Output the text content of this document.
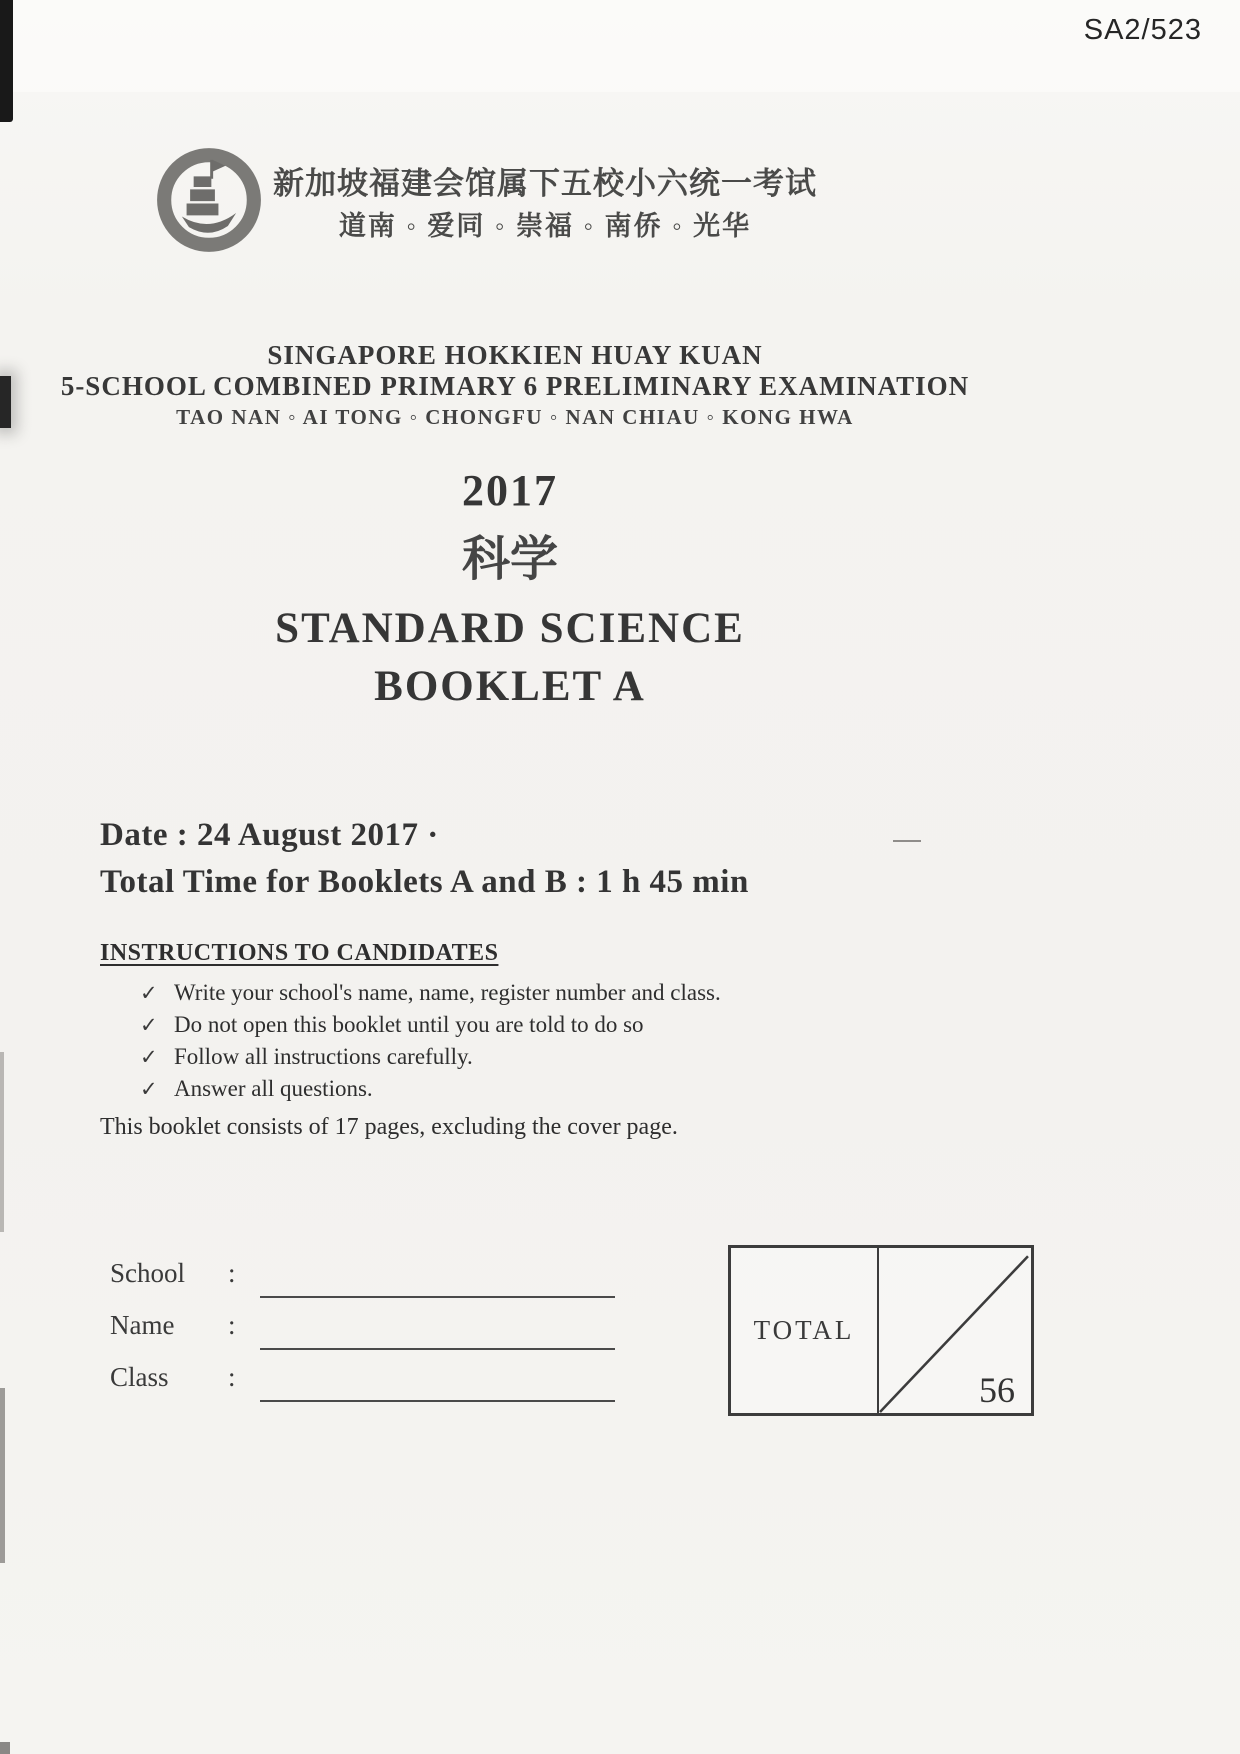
SA2/523
新加坡福建会馆属下五校小六统一考试
道南 ◦ 爱同 ◦ 崇福 ◦ 南侨 ◦ 光华
SINGAPORE HOKKIEN HUAY KUAN
5-SCHOOL COMBINED PRIMARY 6 PRELIMINARY EXAMINATION
TAO NAN ◦ AI TONG ◦ CHONGFU ◦ NAN CHIAU ◦ KONG HWA
2017
科学
STANDARD SCIENCE
BOOKLET A
Date : 24 August 2017 ·
Total Time for Booklets A and B : 1 h 45 min
INSTRUCTIONS TO CANDIDATES
✓ Write your school's name, name, register number and class.
✓ Do not open this booklet until you are told to do so
✓ Follow all instructions carefully.
✓ Answer all questions.
This booklet consists of 17 pages, excluding the cover page.
School	:
Name	:
Class	:
TOTAL
56
